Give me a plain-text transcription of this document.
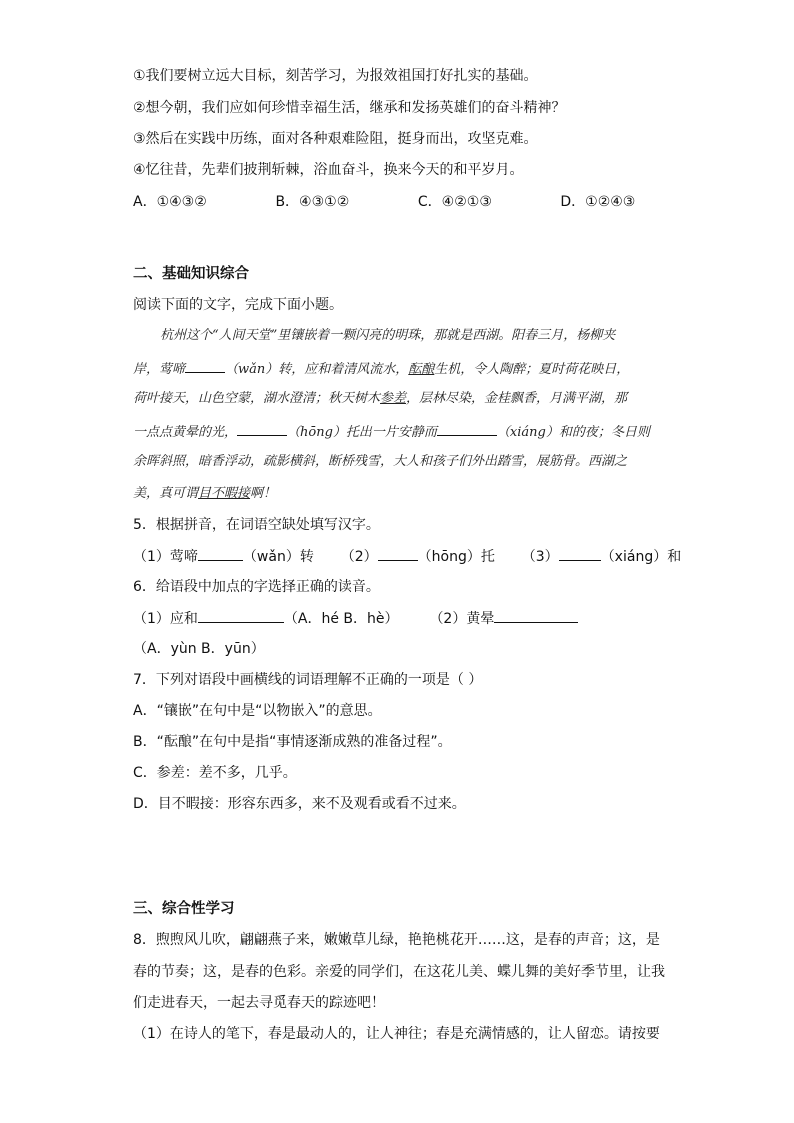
①我们要树立远大目标，刻苦学习，为报效祖国打好扎实的基础。
②想今朝，我们应如何珍惜幸福生活，继承和发扬英雄们的奋斗精神？
③然后在实践中历练，面对各种艰难险阻，挺身而出，攻坚克难。
④忆往昔，先辈们披荆斩棘，浴血奋斗，换来今天的和平岁月。
A．①④③②	B．④③①②	C．④②①③	D．①②④③
二、基础知识综合
阅读下面的文字，完成下面小题。
杭州这个“人间天堂”里镶嵌着一颗闪亮的明珠，那就是西湖。阳春三月，杨柳夹
岸，莺啼	（wǎn）转，应和着清风流水，酝酿生机，令人陶醉；夏时荷花映日，
荷叶接天，山色空蒙，湖水澄清；秋天树木参差，层林尽染，金桂飘香，月满平湖，那
一点点黄晕的光，	（hōng）托出一片安静而	（xiáng）和的夜；冬日则
余晖斜照，暗香浮动，疏影横斜，断桥残雪，大人和孩子们外出踏雪，展筋骨。西湖之
美，真可谓目不暇接啊！
5．根据拼音，在词语空缺处填写汉字。
（1）莺啼	（wǎn）转 （2）	（hōng）托 （3）	（xiáng）和
6．给语段中加点的字选择正确的读音。
（1）应和	（A．hé B．hè） （2）黄晕
（A．yùn B．yūn）
7．下列对语段中画横线的词语理解不正确的一项是（ ）
A．“镶嵌”在句中是“以物嵌入”的意思。
B．“酝酿”在句中是指“事情逐渐成熟的准备过程”。
C．参差：差不多，几乎。
D．目不暇接：形容东西多，来不及观看或看不过来。
三、综合性学习
8．煦煦风儿吹，翩翩燕子来，嫩嫩草儿绿，艳艳桃花开……这，是春的声音；这，是
春的节奏；这，是春的色彩。亲爱的同学们，在这花儿美、蝶儿舞的美好季节里，让我
们走进春天，一起去寻觅春天的踪迹吧！
（1）在诗人的笔下，春是最动人的，让人神往；春是充满情感的，让人留恋。请按要
